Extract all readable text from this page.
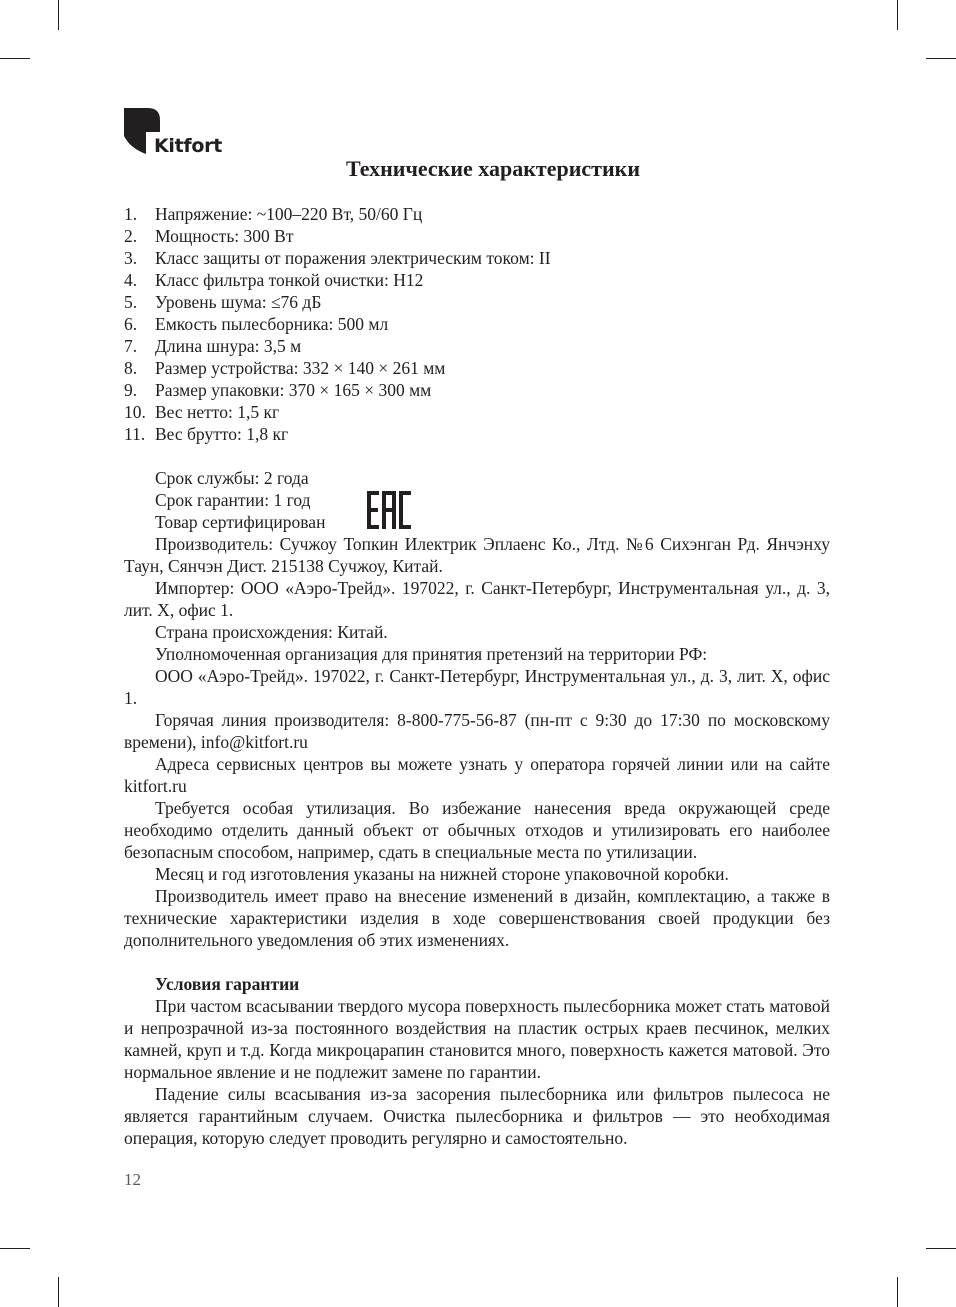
Kitfort
Технические характеристики
1. Напряжение: ~100–220 Вт, 50/60 Гц
2. Мощность: 300 Вт
3. Класс защиты от поражения электрическим током: II
4. Класс фильтра тонкой очистки: Н12
5. Уровень шума: ≤76 дБ
6. Емкость пылесборника: 500 мл
7. Длина шнура: 3,5 м
8. Размер устройства: 332 × 140 × 261 мм
9. Размер упаковки: 370 × 165 × 300 мм
10. Вес нетто: 1,5 кг
11. Вес брутто: 1,8 кг
Срок службы: 2 года
Срок гарантии: 1 год
Товар сертифицирован

Производитель: Сучжоу Топкин Илектрик Эплаенс Ко., Лтд. №6 Сихэнган Рд. Янчэнху Таун, Сянчэн Дист. 215138 Сучжоу, Китай.

Импортер: ООО «Аэро-Трейд». 197022, г. Санкт-Петербург, Инструментальная ул., д. 3, лит. Х, офис 1.

Страна происхождения: Китай.

Уполномоченная организация для принятия претензий на территории РФ:

ООО «Аэро-Трейд». 197022, г. Санкт-Петербург, Инструментальная ул., д. 3, лит. Х, офис 1.

Горячая линия производителя: 8-800-775-56-87 (пн-пт с 9:30 до 17:30 по московскому времени), info@kitfort.ru

Адреса сервисных центров вы можете узнать у оператора горячей линии или на сайте kitfort.ru

Требуется особая утилизация. Во избежание нанесения вреда окружающей среде необходимо отделить данный объект от обычных отходов и утилизировать его наиболее безопасным способом, например, сдать в специальные места по утилизации.

Месяц и год изготовления указаны на нижней стороне упаковочной коробки.

Производитель имеет право на внесение изменений в дизайн, комплектацию, а также в технические характеристики изделия в ходе совершенствования своей продукции без дополнительного уведомления об этих изменениях.

Условия гарантии

При частом всасывании твердого мусора поверхность пылесборника может стать матовой и непрозрачной из-за постоянного воздействия на пластик острых краев песчинок, мелких камней, круп и т.д. Когда микроцарапин становится много, поверхность кажется матовой. Это нормальное явление и не подлежит замене по гарантии.

Падение силы всасывания из-за засорения пылесборника или фильтров пылесоса не является гарантийным случаем. Очистка пылесборника и фильтров — это необходимая операция, которую следует проводить регулярно и самостоятельно.

12
